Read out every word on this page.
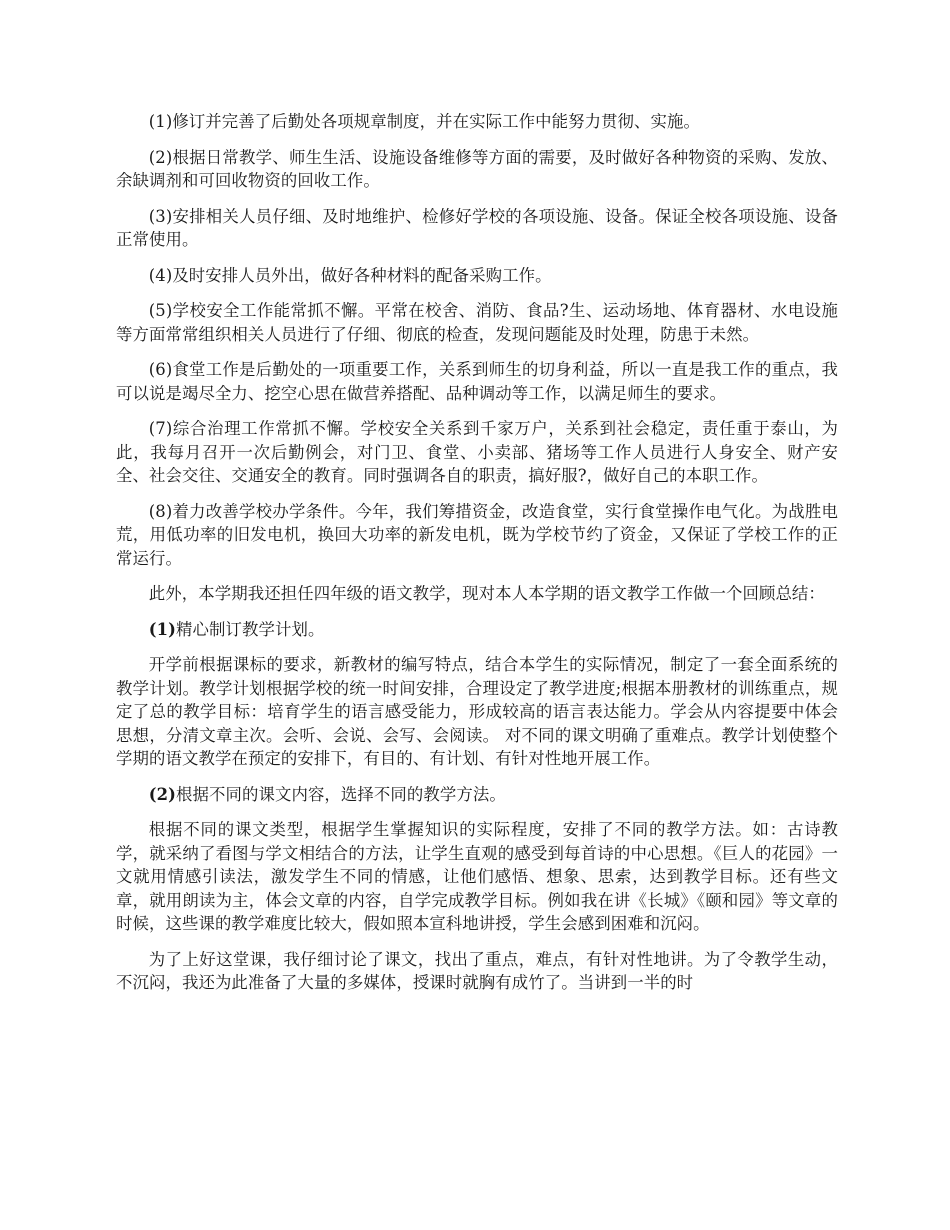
(1)修订并完善了后勤处各项规章制度，并在实际工作中能努力贯彻、实施。

(2)根据日常教学、师生生活、设施设备维修等方面的需要，及时做好各种物资的采购、发放、余缺调剂和可回收物资的回收工作。

(3)安排相关人员仔细、及时地维护、检修好学校的各项设施、设备。保证全校各项设施、设备正常使用。

(4)及时安排人员外出，做好各种材料的配备采购工作。

(5)学校安全工作能常抓不懈。平常在校舍、消防、食品?生、运动场地、体育器材、水电设施等方面常常组织相关人员进行了仔细、彻底的检查，发现问题能及时处理，防患于未然。

(6)食堂工作是后勤处的一项重要工作，关系到师生的切身利益，所以一直是我工作的重点，我可以说是竭尽全力、挖空心思在做营养搭配、品种调动等工作，以满足师生的要求。

(7)综合治理工作常抓不懈。学校安全关系到千家万户，关系到社会稳定，责任重于泰山，为此，我每月召开一次后勤例会，对门卫、食堂、小卖部、猪场等工作人员进行人身安全、财产安全、社会交往、交通安全的教育。同时强调各自的职责，搞好服?，做好自己的本职工作。

(8)着力改善学校办学条件。今年，我们筹措资金，改造食堂，实行食堂操作电气化。为战胜电荒，用低功率的旧发电机，换回大功率的新发电机，既为学校节约了资金，又保证了学校工作的正常运行。

此外，本学期我还担任四年级的语文教学，现对本人本学期的语文教学工作做一个回顾总结：

(1)精心制订教学计划。

开学前根据课标的要求，新教材的编写特点，结合本学生的实际情况，制定了一套全面系统的教学计划。教学计划根据学校的统一时间安排，合理设定了教学进度;根据本册教材的训练重点，规定了总的教学目标：培育学生的语言感受能力，形成较高的语言表达能力。学会从内容提要中体会思想，分清文章主次。会听、会说、会写、会阅读。 对不同的课文明确了重难点。教学计划使整个学期的语文教学在预定的安排下，有目的、有计划、有针对性地开展工作。

(2)根据不同的课文内容，选择不同的教学方法。

根据不同的课文类型，根据学生掌握知识的实际程度，安排了不同的教学方法。如：古诗教学，就采纳了看图与学文相结合的方法，让学生直观的感受到每首诗的中心思想。《巨人的花园》一文就用情感引读法，激发学生不同的情感，让他们感悟、想象、思索，达到教学目标。还有些文章，就用朗读为主，体会文章的内容，自学完成教学目标。例如我在讲《长城》《颐和园》等文章的时候，这些课的教学难度比较大，假如照本宣科地讲授，学生会感到困难和沉闷。

为了上好这堂课，我仔细讨论了课文，找出了重点，难点，有针对性地讲。为了令教学生动，不沉闷，我还为此准备了大量的多媒体，授课时就胸有成竹了。当讲到一半的时
